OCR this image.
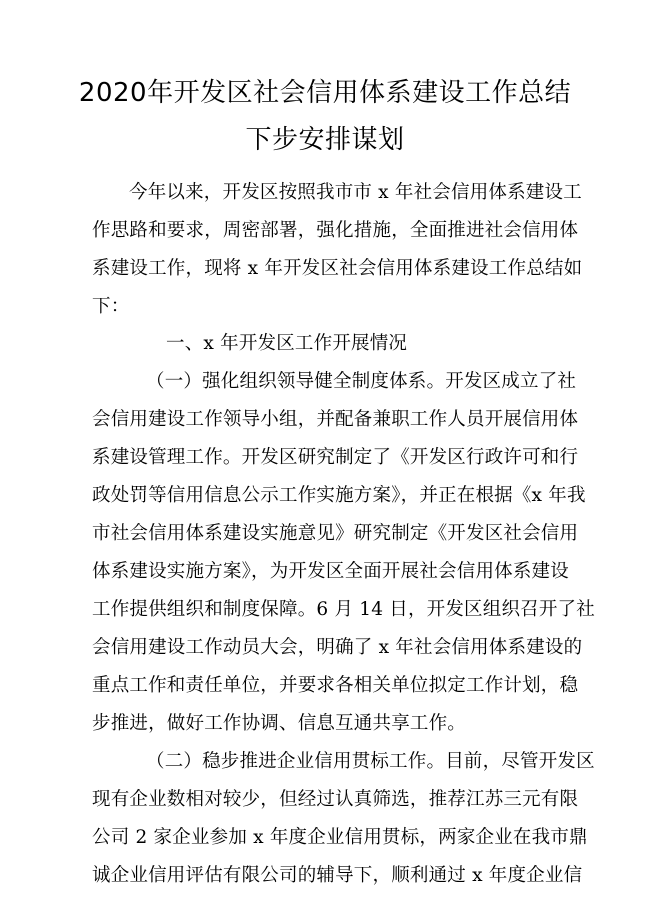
2020年开发区社会信用体系建设工作总结
下步安排谋划
今年以来，开发区按照我市市 x 年社会信用体系建设工
作思路和要求，周密部署，强化措施，全面推进社会信用体
系建设工作，现将 x 年开发区社会信用体系建设工作总结如
下：
一、x 年开发区工作开展情况
（一）强化组织领导健全制度体系。开发区成立了社
会信用建设工作领导小组，并配备兼职工作人员开展信用体
系建设管理工作。开发区研究制定了《开发区行政许可和行
政处罚等信用信息公示工作实施方案》，并正在根据《x 年我
市社会信用体系建设实施意见》研究制定《开发区社会信用
体系建设实施方案》，为开发区全面开展社会信用体系建设
工作提供组织和制度保障。6 月 14 日，开发区组织召开了社
会信用建设工作动员大会，明确了 x 年社会信用体系建设的
重点工作和责任单位，并要求各相关单位拟定工作计划，稳
步推进，做好工作协调、信息互通共享工作。
（二）稳步推进企业信用贯标工作。目前，尽管开发区
现有企业数相对较少，但经过认真筛选，推荐江苏三元有限
公司 2 家企业参加 x 年度企业信用贯标，两家企业在我市鼎
诚企业信用评估有限公司的辅导下，顺利通过 x 年度企业信
